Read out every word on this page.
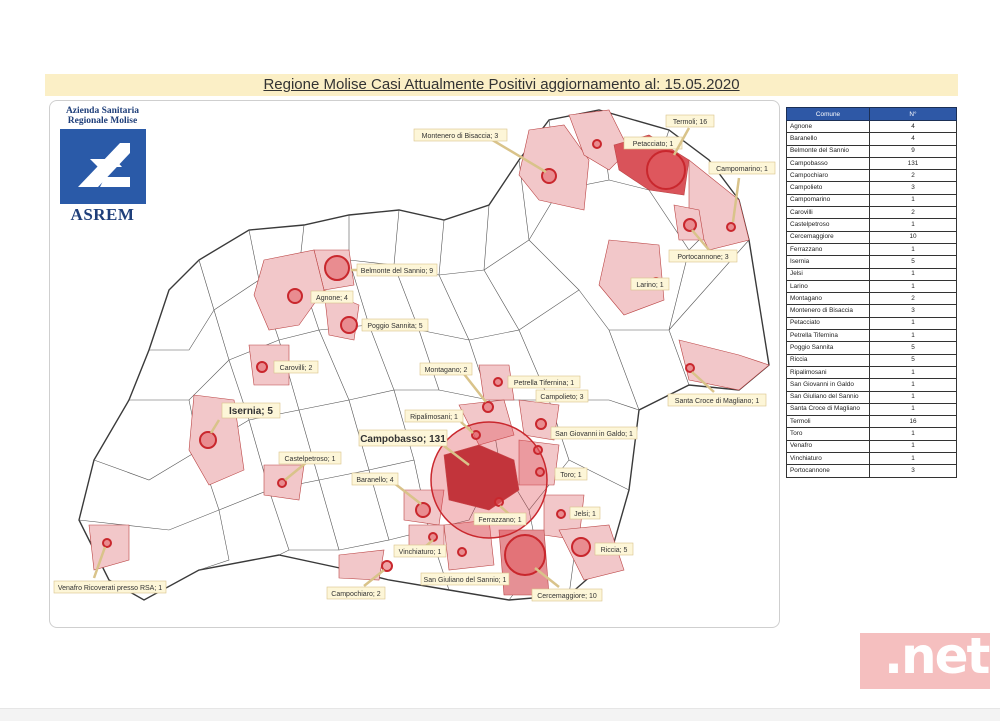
Regione Molise Casi Attualmente Positivi aggiornamento al: 15.05.2020
Montenero di Bisaccia; 3
Petacciato; 1
Termoli; 16
Campomarino; 1
Portocannone; 3
Larino; 1
Belmonte del Sannio; 9
Agnone; 4
Poggio Sannita; 5
Carovilli; 2
Isernia; 5
Castelpetroso; 1
Montagano; 2
Petrella Tifernina; 1
Campolieto; 3
Santa Croce di Magliano; 1
Ripalimosani; 1
San Giovanni in Galdo; 1
Campobasso; 131
Toro; 1
Baranello; 4
Ferrazzano; 1
Jelsi; 1
Riccia; 5
Vinchiaturo; 1
San Giuliano del Sannio; 1
Campochiaro; 2	Cercemaggiore; 10
Venafro Ricoverati presso RSA; 1
Azienda Sanitaria
Regionale Molise
ASREM
Comune	N°
Agnone	4
Baranello	4
Belmonte del Sannio	9
Campobasso	131
Campochiaro	2
Campolieto	3
Campomarino	1
Carovilli	2
Castelpetroso	1
Cercemaggiore	10
Ferrazzano	1
Isernia	5
Jelsi	1
Larino	1
Montagano	2
Montenero di Bisaccia	3
Petacciato	1
Petrella Tifernina	1
Poggio Sannita	5
Riccia	5
Ripalimosani	1
San Giovanni in Galdo	1
San Giuliano del Sannio	1
Santa Croce di Magliano	1
Termoli	16
Toro	1
Venafro	1
Vinchiaturo	1
Portocannone	3
.net
